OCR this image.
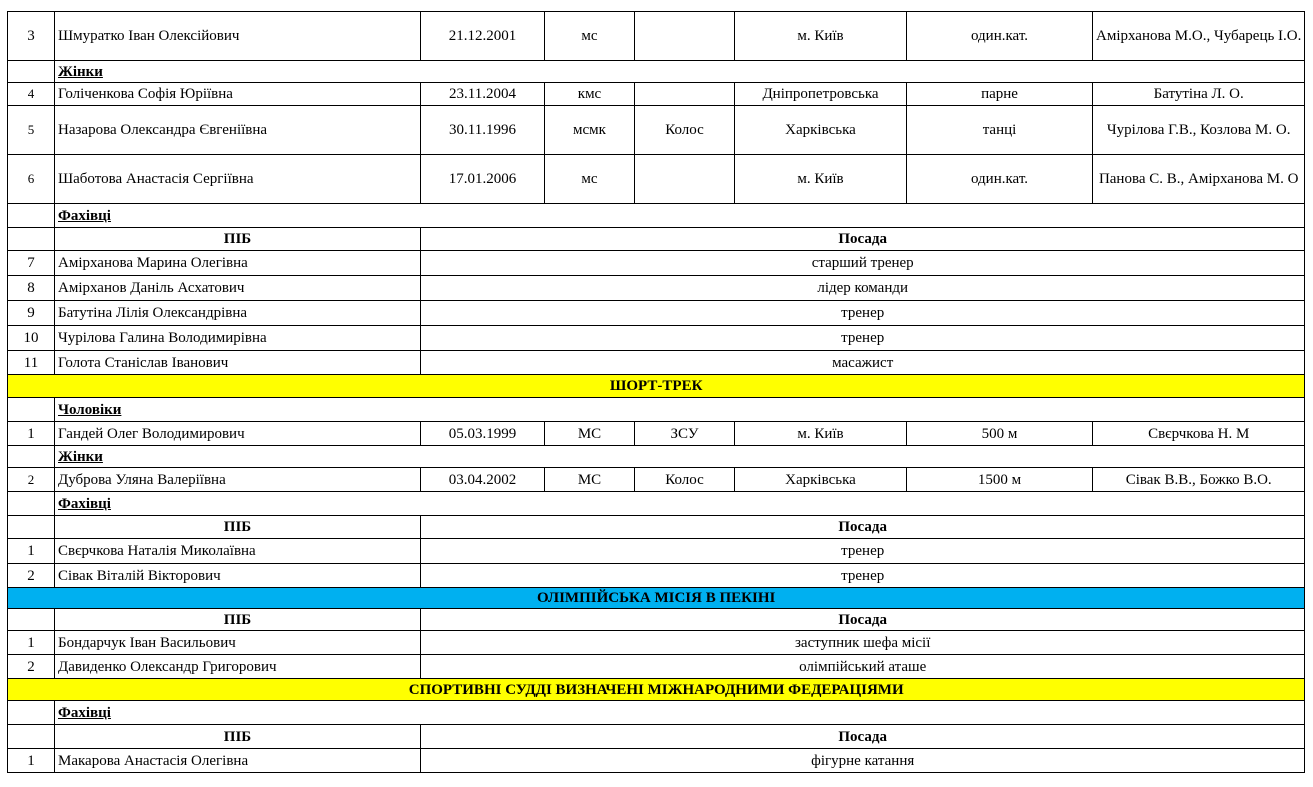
3	Шмуратко Іван Олексійович	21.12.2001	мс		м. Київ	один.кат.	Амірханова М.О., Чубарець І.О.
	Жінки						
4	Голіченкова Софія Юріївна	23.11.2004	кмс		Дніпропетровська	парне	Батутіна Л. О.
5	Назарова Олександра Євгеніївна	30.11.1996	мсмк	Колос	Харківська	танці	Чурілова Г.В., Козлова М. О.
6	Шаботова Анастасія Сергіївна	17.01.2006	мс		м. Київ	один.кат.	Панова С. В., Амірханова М. О
	Фахівці						
	ПІБ	Посада					
7	Амірханова Марина Олегівна	старший тренер					
8	Амірханов Даніль Асхатович	лідер команди					
9	Батутіна Лілія Олександрівна	тренер					
10	Чурілова Галина Володимирівна	тренер					
11	Голота Станіслав Іванович	масажист					
ШОРТ-ТРЕК							
	Чоловіки						
1	Гандей Олег Володимирович	05.03.1999	МС	ЗСУ	м. Київ	500 м	Свєрчкова Н. М
	Жінки						
2	Дуброва Уляна Валеріївна	03.04.2002	МС	Колос	Харківська	1500 м	Сівак В.В., Божко В.О.
	Фахівці						
	ПІБ	Посада					
1	Свєрчкова Наталія Миколаївна	тренер					
2	Сівак Віталій Вікторович	тренер					
ОЛІМПІЙСЬКА МІСІЯ В ПЕКІНІ							
	ПІБ	Посада					
1	Бондарчук Іван Васильович	заступник шефа місії					
2	Давиденко Олександр Григорович	олімпійський аташе					
СПОРТИВНІ СУДДІ ВИЗНАЧЕНІ МІЖНАРОДНИМИ ФЕДЕРАЦІЯМИ							
	Фахівці						
	ПІБ	Посада					
1	Макарова Анастасія Олегівна	фігурне катання					
